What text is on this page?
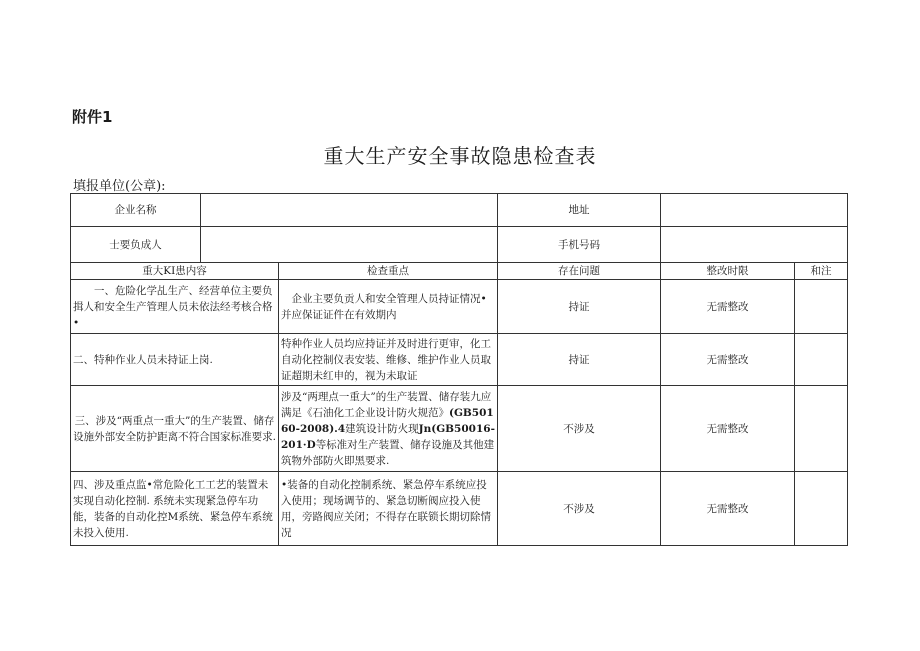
附件1
重大生产安全事故隐患检查表
填报单位(公章):
企业名称			地址		
士要负成人			手机号码		
重大KI患内容		检查重点	存在问题	整改时限	和注
一、危险化学乩生产、经营单位主要负揖人和安全生产管理人员未依法经考核合格•		企业主要负贡人和安全管理人员持证情况•并应保证证件在有效期内	持证	无需整改	
二、特种作业人员未持证上岗.		特种作业人员均应持证并及时进行更审，化工自动化控制仪表安装、维修、维护作业人员取证超期未红申的，视为未取证	持证	无需整改	
三、涉及“两重点一重大”的生产装置、储存设施外部安全防护距离不符合国家标准要求.		涉及“两理点一重大”的生产装置、储存装九应满足《石油化工企业设计防火规范》(GB50160-2008).4建筑设计防火现Jn(GB50016-201·D等标准对生产装置、储存设施及其他建筑物外部防火即黑要求.	不涉及	无需整改	
四、涉及重点监•常危险化工工艺的装置未实现自动化控制. 系统未实现紧急停车功能，装备的自动化控M系统、紧急停车系统未投入使用.		•装备的自动化控制系统、紧急停车系统应投入使用；现场调节的、紧急切断阀应投入使用，旁路阀应关闭；不得存在联锁长期切除情况	不涉及	无需整改	
